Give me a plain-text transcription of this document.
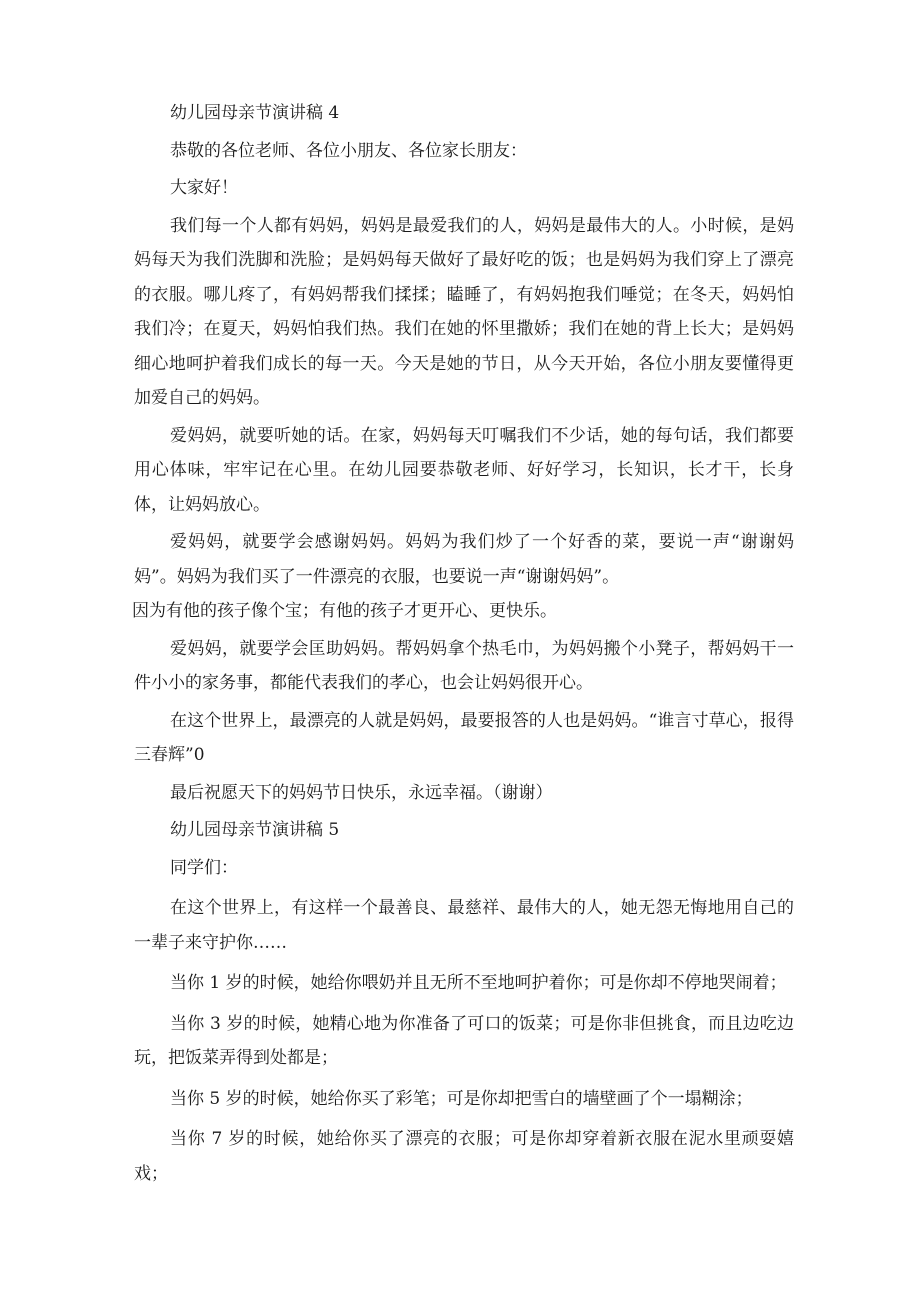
幼儿园母亲节演讲稿 4

恭敬的各位老师、各位小朋友、各位家长朋友：

大家好！

我们每一个人都有妈妈，妈妈是最爱我们的人，妈妈是最伟大的人。小时候，是妈妈每天为我们洗脚和洗脸；是妈妈每天做好了最好吃的饭；也是妈妈为我们穿上了漂亮的衣服。哪儿疼了，有妈妈帮我们揉揉；瞌睡了，有妈妈抱我们唾觉；在冬天，妈妈怕我们冷；在夏天，妈妈怕我们热。我们在她的怀里撒娇；我们在她的背上长大；是妈妈细心地呵护着我们成长的每一天。今天是她的节日，从今天开始，各位小朋友要懂得更加爱自己的妈妈。

爱妈妈，就要听她的话。在家，妈妈每天叮嘱我们不少话，她的每句话，我们都要用心体味，牢牢记在心里。在幼儿园要恭敬老师、好好学习，长知识，长才干，长身体，让妈妈放心。

爱妈妈，就要学会感谢妈妈。妈妈为我们炒了一个好香的菜，要说一声“谢谢妈妈”。妈妈为我们买了一件漂亮的衣服，也要说一声“谢谢妈妈”。

因为有他的孩子像个宝；有他的孩子才更开心、更快乐。

爱妈妈，就要学会匡助妈妈。帮妈妈拿个热毛巾，为妈妈搬个小凳子，帮妈妈干一件小小的家务事，都能代表我们的孝心，也会让妈妈很开心。

在这个世界上，最漂亮的人就是妈妈，最要报答的人也是妈妈。“谁言寸草心，报得三春辉”0

最后祝愿天下的妈妈节日快乐，永远幸福。（谢谢）

幼儿园母亲节演讲稿 5

同学们：

在这个世界上，有这样一个最善良、最慈祥、最伟大的人，她无怨无悔地用自己的一辈子来守护你……

当你 1 岁的时候，她给你喂奶并且无所不至地呵护着你；可是你却不停地哭闹着；

当你 3 岁的时候，她精心地为你准备了可口的饭菜；可是你非但挑食，而且边吃边玩，把饭菜弄得到处都是；

当你 5 岁的时候，她给你买了彩笔；可是你却把雪白的墙壁画了个一塌糊涂；

当你 7 岁的时候，她给你买了漂亮的衣服；可是你却穿着新衣服在泥水里顽耍嬉戏；
